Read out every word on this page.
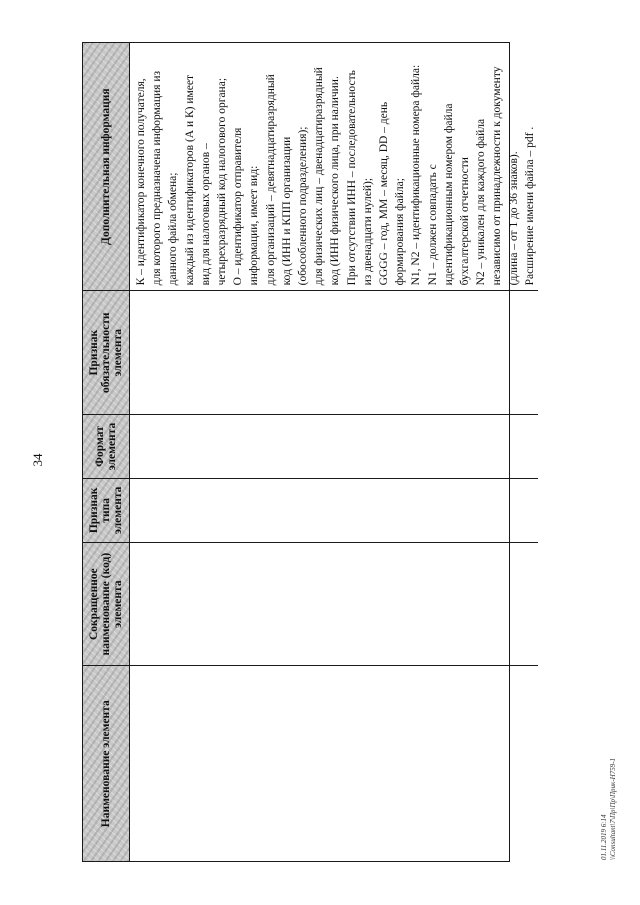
34
Наименование элемента
Сокращенное наименование (код) элемента
Признак типа элемента
Формат элемента
Признак обязательности элемента
Дополнительная информация	К – идентификатор конечного получателя, для которого предназначена информация из данного файла обмена; каждый из идентификаторов (А и К) имеет вид для налоговых органов – четырехразрядный код налогового органа; О – идентификатор отправителя информации, имеет вид: для организаций – девятнадцатиразрядный код (ИНН и КПП организации (обособленного подразделения); для физических лиц – двенадцатиразрядный код (ИНН физического лица, при наличии. При отсутствии ИНН – последовательность из двенадцати нулей); GGGG – год, MM – месяц, DD – день формирования файла; N1, N2 – идентификационные номера файла: N1 – должен совпадать с идентификационным номером файла бухгалтерской отчетности N2 – уникален для каждого файла независимо от принадлежности к документу (длина – от 1 до 36 знаков). Расширение имени файла – pdf .
01.11.2019 6:14 \\Consultant\7\Пр\Пр\Прик-Н759-1
